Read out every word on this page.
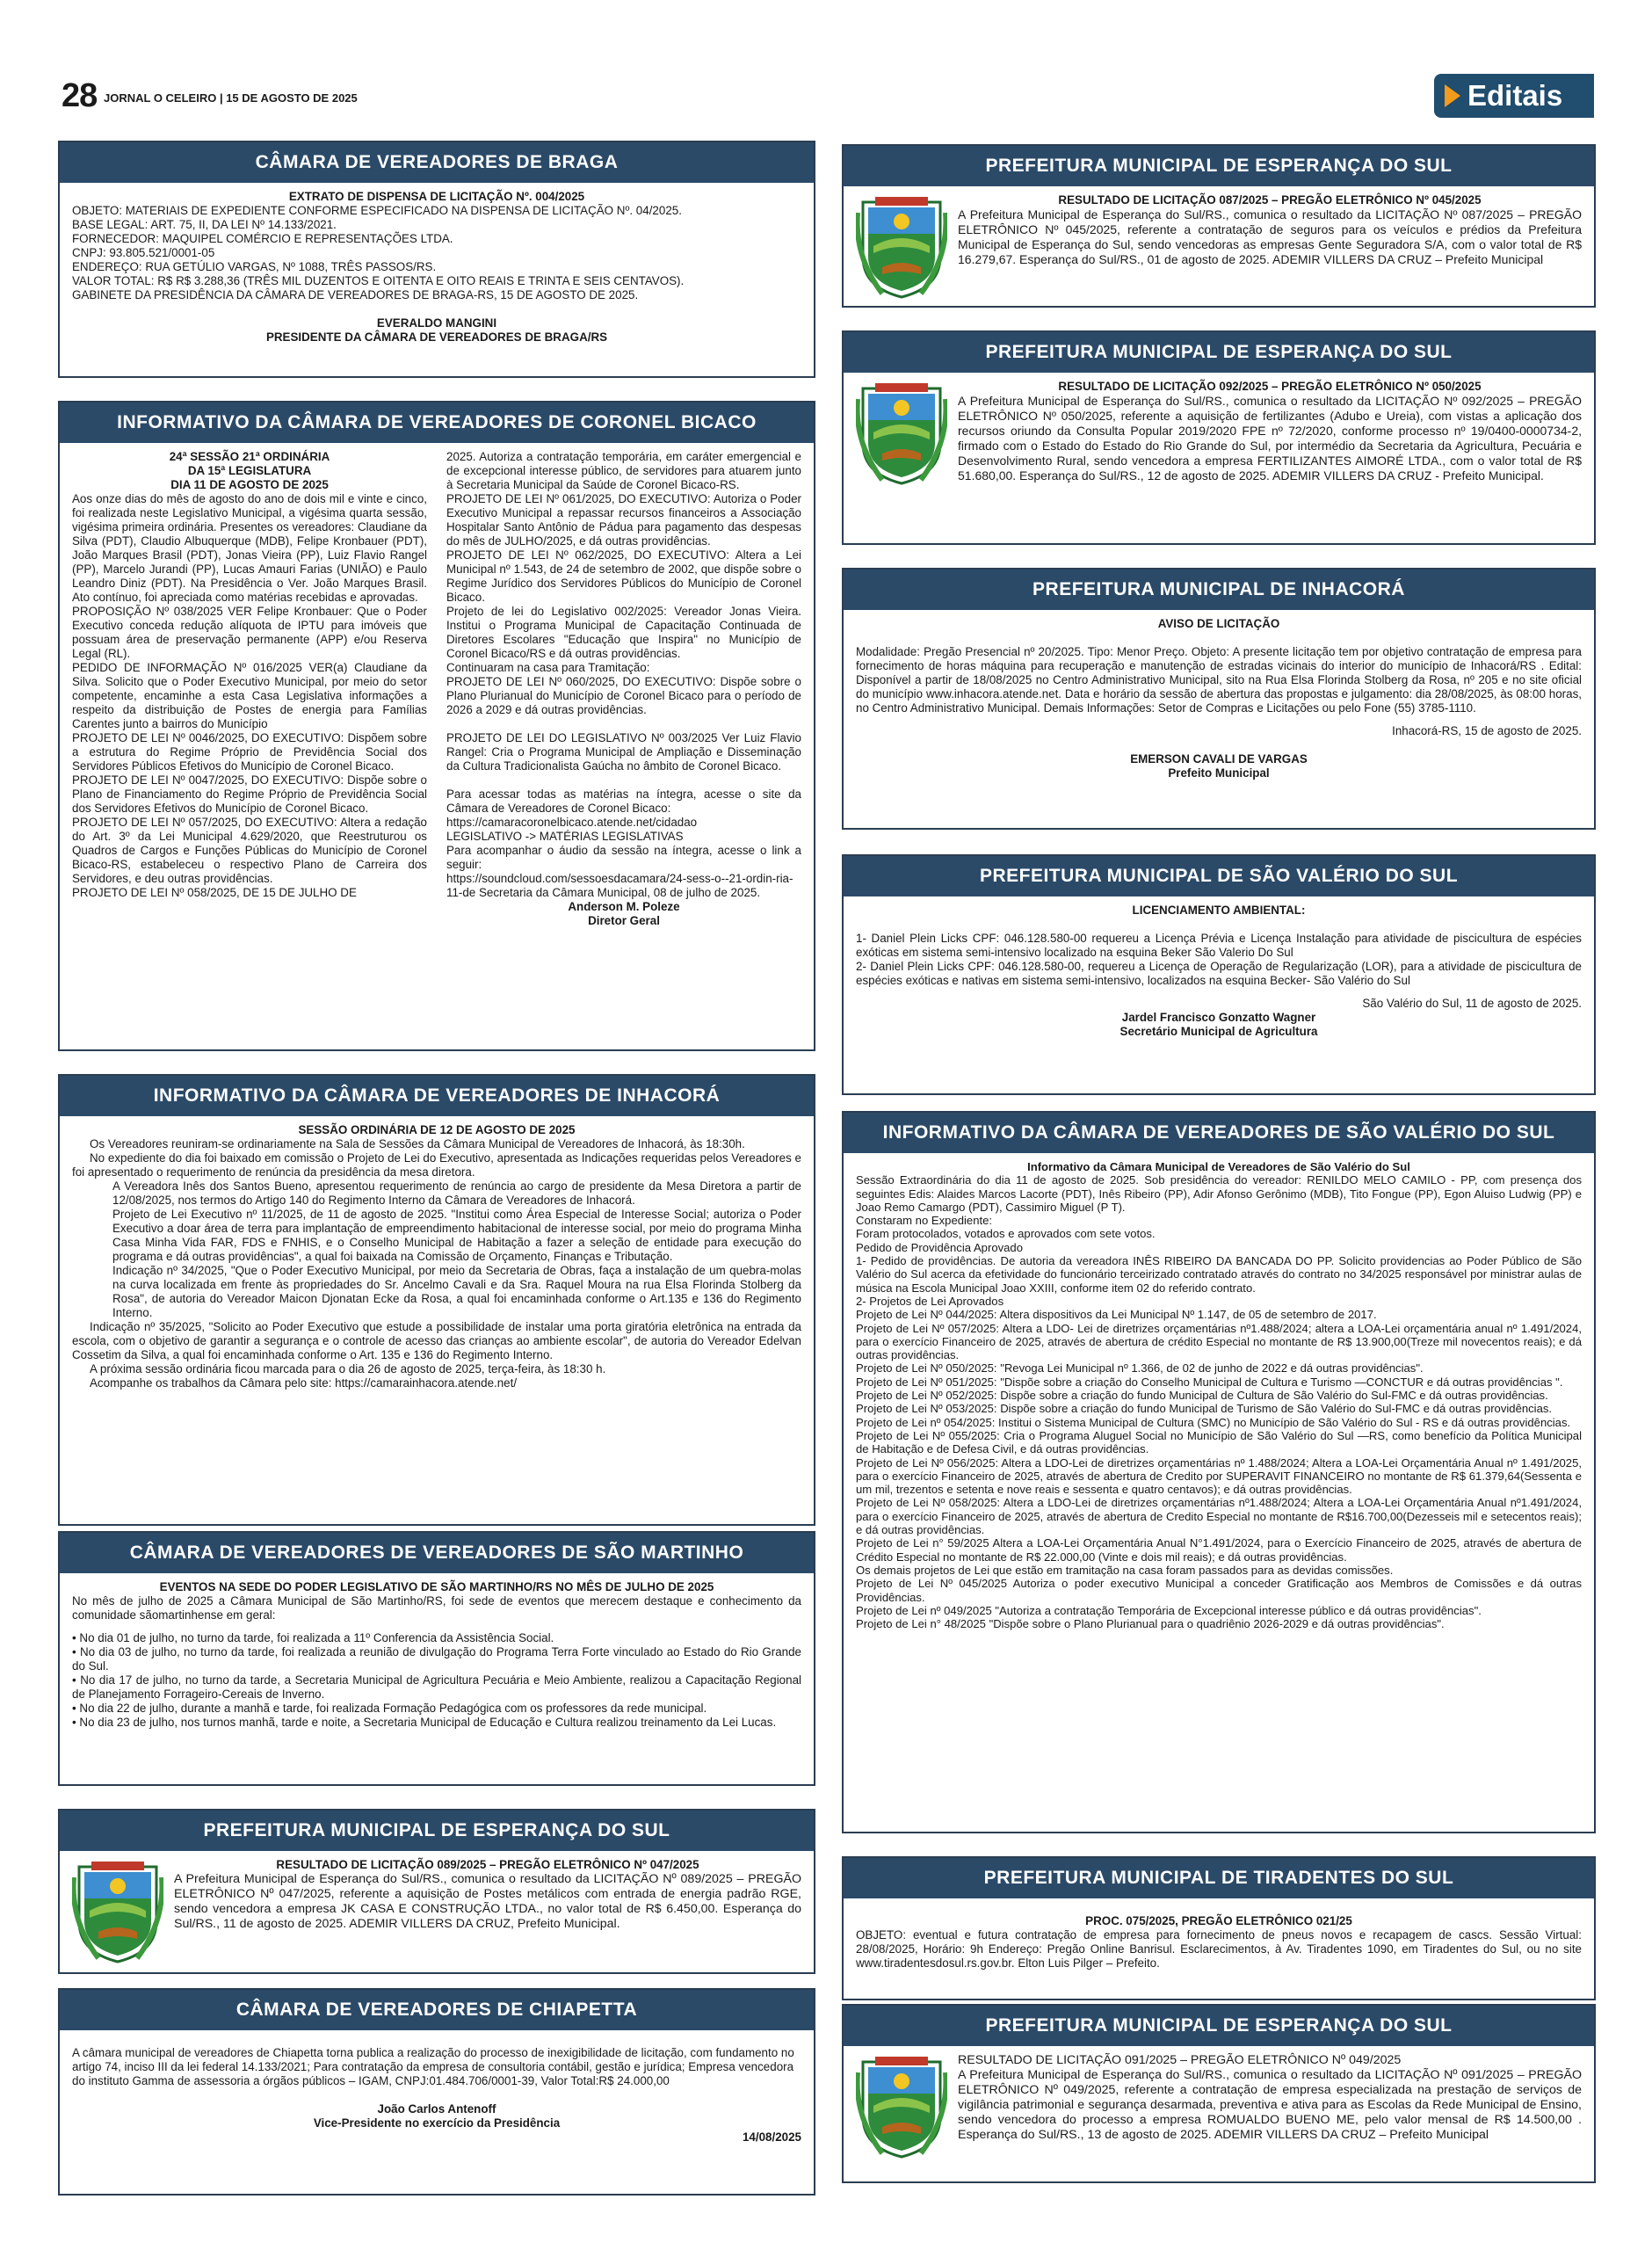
28 JORNAL O CELEIRO | 15 DE AGOSTO DE 2025	Editais
CÂMARA DE VEREADORES DE BRAGA

EXTRATO DE DISPENSA DE LICITAÇÃO Nº. 004/2025

OBJETO: MATERIAIS DE EXPEDIENTE CONFORME ESPECIFICADO NA DISPENSA DE LICITAÇÃO Nº. 04/2025.

BASE LEGAL: ART. 75, II, DA LEI Nº 14.133/2021.

FORNECEDOR: MAQUIPEL COMÉRCIO E REPRESENTAÇÕES LTDA.

CNPJ: 93.805.521/0001-05

ENDEREÇO: RUA GETÚLIO VARGAS, Nº 1088, TRÊS PASSOS/RS.

VALOR TOTAL: R$ R$ 3.288,36 (TRÊS MIL DUZENTOS E OITENTA E OITO REAIS E TRINTA E SEIS CENTAVOS).

GABINETE DA PRESIDÊNCIA DA CÂMARA DE VEREADORES DE BRAGA-RS, 15 DE AGOSTO DE 2025.

EVERALDO MANGINI

PRESIDENTE DA CÂMARA DE VEREADORES DE BRAGA/RS

INFORMATIVO DA CÂMARA DE VEREADORES DE CORONEL BICACO

24ª SESSÃO 21ª ORDINÁRIA

DA 15ª LEGISLATURA

DIA 11 DE AGOSTO DE 2025

Aos onze dias do mês de agosto do ano de dois mil e vinte e cinco, foi realizada neste Legislativo Municipal, a vigésima quarta sessão, vigésima primeira ordinária. Presentes os vereadores: Claudiane da Silva (PDT), Claudio Albuquerque (MDB), Felipe Kronbauer (PDT), João Marques Brasil (PDT), Jonas Vieira (PP), Luiz Flavio Rangel (PP), Marcelo Jurandi (PP), Lucas Amauri Farias (UNIÃO) e Paulo Leandro Diniz (PDT). Na Presidência o Ver. João Marques Brasil. Ato contínuo, foi apreciada como matérias recebidas e aprovadas.

PROPOSIÇÃO Nº 038/2025 VER Felipe Kronbauer: Que o Poder Executivo conceda redução alíquota de IPTU para imóveis que possuam área de preservação permanente (APP) e/ou Reserva Legal (RL).

PEDIDO DE INFORMAÇÃO Nº 016/2025 VER(a) Claudiane da Silva. Solicito que o Poder Executivo Municipal, por meio do setor competente, encaminhe a esta Casa Legislativa informações a respeito da distribuição de Postes de energia para Famílias Carentes junto a bairros do Município

PROJETO DE LEI Nº 0046/2025, DO EXECUTIVO: Dispõem sobre a estrutura do Regime Próprio de Previdência Social dos Servidores Públicos Efetivos do Município de Coronel Bicaco.

PROJETO DE LEI Nº 0047/2025, DO EXECUTIVO: Dispõe sobre o Plano de Financiamento do Regime Próprio de Previdência Social dos Servidores Efetivos do Município de Coronel Bicaco.

PROJETO DE LEI Nº 057/2025, DO EXECUTIVO: Altera a redação do Art. 3º da Lei Municipal 4.629/2020, que Reestruturou os Quadros de Cargos e Funções Públicas do Município de Coronel Bicaco-RS, estabeleceu o respectivo Plano de Carreira dos Servidores, e deu outras providências.

PROJETO DE LEI Nº 058/2025, DE 15 DE JULHO DE

2025. Autoriza a contratação temporária, em caráter emergencial e de excepcional interesse público, de servidores para atuarem junto à Secretaria Municipal da Saúde de Coronel Bicaco-RS.

PROJETO DE LEI Nº 061/2025, DO EXECUTIVO: Autoriza o Poder Executivo Municipal a repassar recursos financeiros a Associação Hospitalar Santo Antônio de Pádua para pagamento das despesas do mês de JULHO/2025, e dá outras providências.

PROJETO DE LEI Nº 062/2025, DO EXECUTIVO: Altera a Lei Municipal nº 1.543, de 24 de setembro de 2002, que dispõe sobre o Regime Jurídico dos Servidores Públicos do Município de Coronel Bicaco.

Projeto de lei do Legislativo 002/2025: Vereador Jonas Vieira. Institui o Programa Municipal de Capacitação Continuada de Diretores Escolares "Educação que Inspira" no Município de Coronel Bicaco/RS e dá outras providências.

Continuaram na casa para Tramitação:

PROJETO DE LEI Nº 060/2025, DO EXECUTIVO: Dispõe sobre o Plano Plurianual do Município de Coronel Bicaco para o período de 2026 a 2029 e dá outras providências.

PROJETO DE LEI DO LEGISLATIVO Nº 003/2025 Ver Luiz Flavio Rangel: Cria o Programa Municipal de Ampliação e Disseminação da Cultura Tradicionalista Gaúcha no âmbito de Coronel Bicaco.

Para acessar todas as matérias na íntegra, acesse o site da Câmara de Vereadores de Coronel Bicaco:

https://camaracoronelbicaco.atende.net/cidadao

LEGISLATIVO -> MATÉRIAS LEGISLATIVAS

Para acompanhar o áudio da sessão na íntegra, acesse o link a seguir:

https://soundcloud.com/sessoesdacamara/24-sess-o--21-ordin-ria-11-de Secretaria da Câmara Municipal, 08 de julho de 2025.

Anderson M. Poleze

Diretor Geral

INFORMATIVO DA CÂMARA DE VEREADORES DE INHACORÁ

SESSÃO ORDINÁRIA DE 12 DE AGOSTO DE 2025

Os Vereadores reuniram-se ordinariamente na Sala de Sessões da Câmara Municipal de Vereadores de Inhacorá, às 18:30h.

No expediente do dia foi baixado em comissão o Projeto de Lei do Executivo, apresentada as Indicações requeridas pelos Vereadores e foi apresentado o requerimento de renúncia da presidência da mesa diretora.

A Vereadora Inês dos Santos Bueno, apresentou requerimento de renúncia ao cargo de presidente da Mesa Diretora a partir de 12/08/2025, nos termos do Artigo 140 do Regimento Interno da Câmara de Vereadores de Inhacorá.

Projeto de Lei Executivo nº 11/2025, de 11 de agosto de 2025. "Institui como Área Especial de Interesse Social; autoriza o Poder Executivo a doar área de terra para implantação de empreendimento habitacional de interesse social, por meio do programa Minha Casa Minha Vida FAR, FDS e FNHIS, e o Conselho Municipal de Habitação a fazer a seleção de entidade para execução do programa e dá outras providências", a qual foi baixada na Comissão de Orçamento, Finanças e Tributação.

Indicação nº 34/2025, "Que o Poder Executivo Municipal, por meio da Secretaria de Obras, faça a instalação de um quebra-molas na curva localizada em frente às propriedades do Sr. Ancelmo Cavali e da Sra. Raquel Moura na rua Elsa Florinda Stolberg da Rosa", de autoria do Vereador Maicon Djonatan Ecke da Rosa, a qual foi encaminhada conforme o Art.135 e 136 do Regimento Interno.

Indicação nº 35/2025, "Solicito ao Poder Executivo que estude a possibilidade de instalar uma porta giratória eletrônica na entrada da escola, com o objetivo de garantir a segurança e o controle de acesso das crianças ao ambiente escolar", de autoria do Vereador Edelvan Cossetim da Silva, a qual foi encaminhada conforme o Art. 135 e 136 do Regimento Interno.

A próxima sessão ordinária ficou marcada para o dia 26 de agosto de 2025, terça-feira, às 18:30 h.

Acompanhe os trabalhos da Câmara pelo site: https://camarainhacora.atende.net/

CÂMARA DE VEREADORES DE VEREADORES DE SÃO MARTINHO

EVENTOS NA SEDE DO PODER LEGISLATIVO DE SÃO MARTINHO/RS NO MÊS DE JULHO DE 2025

No mês de julho de 2025 a Câmara Municipal de São Martinho/RS, foi sede de eventos que merecem destaque e conhecimento da comunidade sãomartinhense em geral:

• No dia 01 de julho, no turno da tarde, foi realizada a 11º Conferencia da Assistência Social.

• No dia 03 de julho, no turno da tarde, foi realizada a reunião de divulgação do Programa Terra Forte vinculado ao Estado do Rio Grande do Sul.

• No dia 17 de julho, no turno da tarde, a Secretaria Municipal de Agricultura Pecuária e Meio Ambiente, realizou a Capacitação Regional de Planejamento Forrageiro-Cereais de Inverno.

• No dia 22 de julho, durante a manhã e tarde, foi realizada Formação Pedagógica com os professores da rede municipal.

• No dia 23 de julho, nos turnos manhã, tarde e noite, a Secretaria Municipal de Educação e Cultura realizou treinamento da Lei Lucas.

PREFEITURA MUNICIPAL DE ESPERANÇA DO SUL

RESULTADO DE LICITAÇÃO 089/2025 – PREGÃO ELETRÔNICO Nº 047/2025

A Prefeitura Municipal de Esperança do Sul/RS., comunica o resultado da LICITAÇÃO Nº 089/2025 – PREGÃO ELETRÔNICO Nº 047/2025, referente a aquisição de Postes metálicos com entrada de energia padrão RGE, sendo vencedora a empresa JK CASA E CONSTRUÇÃO LTDA., no valor total de R$ 6.450,00. Esperança do Sul/RS., 11 de agosto de 2025. ADEMIR VILLERS DA CRUZ, Prefeito Municipal.

CÂMARA DE VEREADORES DE CHIAPETTA

A câmara municipal de vereadores de Chiapetta torna publica a realização do processo de inexigibilidade de licitação, com fundamento no artigo 74, inciso III da lei federal 14.133/2021; Para contratação da empresa de consultoria contábil, gestão e jurídica; Empresa vencedora do instituto Gamma de assessoria a órgãos públicos – IGAM, CNPJ:01.484.706/0001-39, Valor Total:R$ 24.000,00

João Carlos Antenoff

Vice-Presidente no exercício da Presidência

14/08/2025

PREFEITURA MUNICIPAL DE ESPERANÇA DO SUL

RESULTADO DE LICITAÇÃO 087/2025 – PREGÃO ELETRÔNICO Nº 045/2025

A Prefeitura Municipal de Esperança do Sul/RS., comunica o resultado da LICITAÇÃO Nº 087/2025 – PREGÃO ELETRÔNICO Nº 045/2025, referente a contratação de seguros para os veículos e prédios da Prefeitura Municipal de Esperança do Sul, sendo vencedoras as empresas Gente Seguradora S/A, com o valor total de R$ 16.279,67. Esperança do Sul/RS., 01 de agosto de 2025. ADEMIR VILLERS DA CRUZ – Prefeito Municipal

PREFEITURA MUNICIPAL DE ESPERANÇA DO SUL

RESULTADO DE LICITAÇÃO 092/2025 – PREGÃO ELETRÔNICO Nº 050/2025

A Prefeitura Municipal de Esperança do Sul/RS., comunica o resultado da LICITAÇÃO Nº 092/2025 – PREGÃO ELETRÔNICO Nº 050/2025, referente a aquisição de fertilizantes (Adubo e Ureia), com vistas a aplicação dos recursos oriundo da Consulta Popular 2019/2020 FPE nº 72/2020, conforme processo nº 19/0400-0000734-2, firmado com o Estado do Estado do Rio Grande do Sul, por intermédio da Secretaria da Agricultura, Pecuária e Desenvolvimento Rural, sendo vencedora a empresa FERTILIZANTES AIMORÉ LTDA., com o valor total de R$ 51.680,00. Esperança do Sul/RS., 12 de agosto de 2025. ADEMIR VILLERS DA CRUZ - Prefeito Municipal.

PREFEITURA MUNICIPAL DE INHACORÁ

AVISO DE LICITAÇÃO

Modalidade: Pregão Presencial nº 20/2025. Tipo: Menor Preço. Objeto: A presente licitação tem por objetivo contratação de empresa para fornecimento de horas máquina para recuperação e manutenção de estradas vicinais do interior do município de Inhacorá/RS . Edital: Disponível a partir de 18/08/2025 no Centro Administrativo Municipal, sito na Rua Elsa Florinda Stolberg da Rosa, nº 205 e no site oficial do município www.inhacora.atende.net. Data e horário da sessão de abertura das propostas e julgamento: dia 28/08/2025, às 08:00 horas, no Centro Administrativo Municipal. Demais Informações: Setor de Compras e Licitações ou pelo Fone (55) 3785-1110.

Inhacorá-RS, 15 de agosto de 2025.

EMERSON CAVALI DE VARGAS

Prefeito Municipal

PREFEITURA MUNICIPAL DE SÃO VALÉRIO DO SUL

LICENCIAMENTO AMBIENTAL:

1- Daniel Plein Licks CPF: 046.128.580-00 requereu a Licença Prévia e Licença Instalação para atividade de piscicultura de espécies exóticas em sistema semi-intensivo localizado na esquina Beker São Valerio Do Sul

2- Daniel Plein Licks CPF: 046.128.580-00, requereu a Licença de Operação de Regularização (LOR), para a atividade de piscicultura de espécies exóticas e nativas em sistema semi-intensivo, localizados na esquina Becker- São Valério do Sul

São Valério do Sul, 11 de agosto de 2025.

Jardel Francisco Gonzatto Wagner

Secretário Municipal de Agricultura

INFORMATIVO DA CÂMARA DE VEREADORES DE SÃO VALÉRIO DO SUL

Informativo da Câmara Municipal de Vereadores de São Valério do Sul

Sessão Extraordinária do dia 11 de agosto de 2025. Sob presidência do vereador: RENILDO MELO CAMILO - PP, com presença dos seguintes Edis: Alaides Marcos Lacorte (PDT), Inês Ribeiro (PP), Adir Afonso Gerônimo (MDB), Tito Fongue (PP), Egon Aluiso Ludwig (PP) e Joao Remo Camargo (PDT), Cassimiro Miguel (P T).

Constaram no Expediente:

Foram protocolados, votados e aprovados com sete votos.

Pedido de Providência Aprovado

1- Pedido de providências. De autoria da vereadora INÊS RIBEIRO DA BANCADA DO PP. Solicito providencias ao Poder Público de São Valério do Sul acerca da efetividade do funcionário terceirizado contratado através do contrato no 34/2025 responsável por ministrar aulas de música na Escola Municipal Joao XXIII, conforme item 02 do referido contrato.

2- Projetos de Lei Aprovados

Projeto de Lei Nº 044/2025: Altera dispositivos da Lei Municipal Nº 1.147, de 05 de setembro de 2017.

Projeto de Lei Nº 057/2025: Altera a LDO- Lei de diretrizes orçamentárias nº1.488/2024; altera a LOA-Lei orçamentária anual nº 1.491/2024, para o exercício Financeiro de 2025, através de abertura de crédito Especial no montante de R$ 13.900,00(Treze mil novecentos reais); e dá outras providências.

Projeto de Lei Nº 050/2025: "Revoga Lei Municipal nº 1.366, de 02 de junho de 2022 e dá outras providências".

Projeto de Lei Nº 051/2025: "Dispõe sobre a criação do Conselho Municipal de Cultura e Turismo —CONCTUR e dá outras providências ".

Projeto de Lei Nº 052/2025: Dispõe sobre a criação do fundo Municipal de Cultura de São Valério do Sul-FMC e dá outras providências.

Projeto de Lei Nº 053/2025: Dispõe sobre a criação do fundo Municipal de Turismo de São Valério do Sul-FMC e dá outras providências.

Projeto de Lei nº 054/2025: Institui o Sistema Municipal de Cultura (SMC) no Município de São Valério do Sul - RS e dá outras providências.

Projeto de Lei Nº 055/2025: Cria o Programa Aluguel Social no Município de São Valério do Sul —RS, como benefício da Política Municipal de Habitação e de Defesa Civil, e dá outras providências.

Projeto de Lei Nº 056/2025: Altera a LDO-Lei de diretrizes orçamentárias nº 1.488/2024; Altera a LOA-Lei Orçamentária Anual nº 1.491/2025, para o exercício Financeiro de 2025, através de abertura de Credito por SUPERAVIT FINANCEIRO no montante de R$ 61.379,64(Sessenta e um mil, trezentos e setenta e nove reais e sessenta e quatro centavos); e dá outras providências.

Projeto de Lei Nº 058/2025: Altera a LDO-Lei de diretrizes orçamentárias nº1.488/2024; Altera a LOA-Lei Orçamentária Anual nº1.491/2024, para o exercício Financeiro de 2025, através de abertura de Credito Especial no montante de R$16.700,00(Dezesseis mil e setecentos reais); e dá outras providências.

Projeto de Lei n° 59/2025 Altera a LOA-Lei Orçamentária Anual N°1.491/2024, para o Exercício Financeiro de 2025, através de abertura de Crédito Especial no montante de R$ 22.000,00 (Vinte e dois mil reais); e dá outras providências.

Os demais projetos de Lei que estão em tramitação na casa foram passados para as devidas comissões.

Projeto de Lei Nº 045/2025 Autoriza o poder executivo Municipal a conceder Gratificação aos Membros de Comissões e dá outras Providências.

Projeto de Lei nº 049/2025 "Autoriza a contratação Temporária de Excepcional interesse público e dá outras providências".

Projeto de Lei n° 48/2025 "Dispõe sobre o Plano Plurianual para o quadriênio 2026-2029 e dá outras providências".

PREFEITURA MUNICIPAL DE TIRADENTES DO SUL

PROC. 075/2025, PREGÃO ELETRÔNICO 021/25

OBJETO: eventual e futura contratação de empresa para fornecimento de pneus novos e recapagem de cascs. Sessão Virtual: 28/08/2025, Horário: 9h Endereço: Pregão Online Banrisul. Esclarecimentos, à Av. Tiradentes 1090, em Tiradentes do Sul, ou no site www.tiradentesdosul.rs.gov.br. Elton Luis Pilger – Prefeito.

PREFEITURA MUNICIPAL DE ESPERANÇA DO SUL

RESULTADO DE LICITAÇÃO 091/2025 – PREGÃO ELETRÔNICO Nº 049/2025

A Prefeitura Municipal de Esperança do Sul/RS., comunica o resultado da LICITAÇÃO Nº 091/2025 – PREGÃO ELETRÔNICO Nº 049/2025, referente a contratação de empresa especializada na prestação de serviços de vigilância patrimonial e segurança desarmada, preventiva e ativa para as Escolas da Rede Municipal de Ensino, sendo vencedora do processo a empresa ROMUALDO BUENO ME, pelo valor mensal de R$ 14.500,00 . Esperança do Sul/RS., 13 de agosto de 2025. ADEMIR VILLERS DA CRUZ – Prefeito Municipal
